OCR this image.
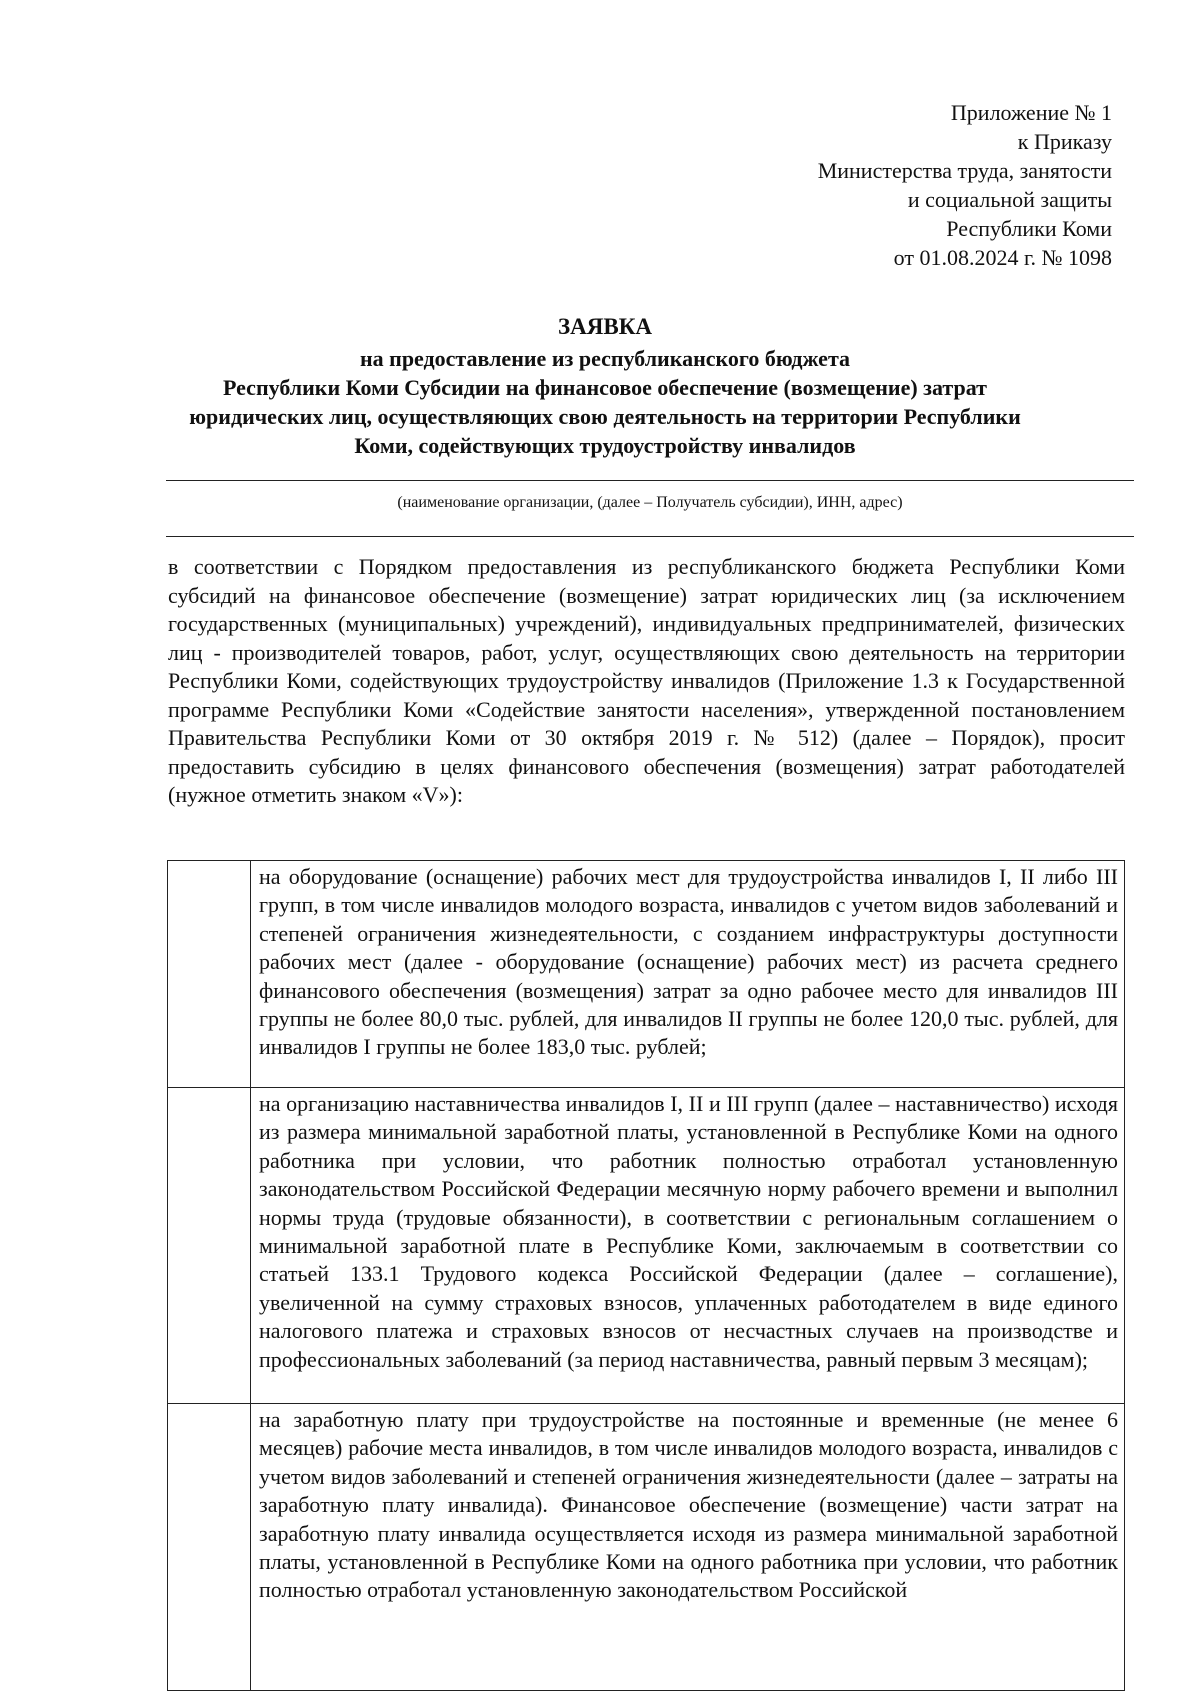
Приложение № 1
к Приказу
Министерства труда, занятости
и социальной защиты
Республики Коми
от 01.08.2024 г. № 1098
ЗАЯВКА
на предоставление из республиканского бюджета
Республики Коми Субсидии на финансовое обеспечение (возмещение) затрат
юридических лиц, осуществляющих свою деятельность на территории Республики
Коми, содействующих трудоустройству инвалидов
(наименование организации, (далее – Получатель субсидии), ИНН, адрес)
в соответствии с Порядком предоставления из республиканского бюджета Республики Коми субсидий на финансовое обеспечение (возмещение) затрат юридических лиц (за исключением государственных (муниципальных) учреждений), индивидуальных предпринимателей, физических лиц - производителей товаров, работ, услуг, осуществляющих свою деятельность на территории Республики Коми, содействующих трудоустройству инвалидов (Приложение 1.3 к Государственной программе Республики Коми «Содействие занятости населения», утвержденной постановлением Правительства Республики Коми от 30 октября 2019 г. № 512) (далее – Порядок), просит предоставить субсидию в целях финансового обеспечения (возмещения) затрат работодателей (нужное отметить знаком «V»):
	на оборудование (оснащение) рабочих мест для трудоустройства инвалидов I, II либо III групп, в том числе инвалидов молодого возраста, инвалидов с учетом видов заболеваний и степеней ограничения жизнедеятельности, с созданием инфраструктуры доступности рабочих мест (далее - оборудование (оснащение) рабочих мест) из расчета среднего финансового обеспечения (возмещения) затрат за одно рабочее место для инвалидов III группы не более 80,0 тыс. рублей, для инвалидов II группы не более 120,0 тыс. рублей, для инвалидов I группы не более 183,0 тыс. рублей;
	на организацию наставничества инвалидов I, II и III групп (далее – наставничество) исходя из размера минимальной заработной платы, установленной в Республике Коми на одного работника при условии, что работник полностью отработал установленную законодательством Российской Федерации месячную норму рабочего времени и выполнил нормы труда (трудовые обязанности), в соответствии с региональным соглашением о минимальной заработной плате в Республике Коми, заключаемым в соответствии со статьей 133.1 Трудового кодекса Российской Федерации (далее – соглашение), увеличенной на сумму страховых взносов, уплаченных работодателем в виде единого налогового платежа и страховых взносов от несчастных случаев на производстве и профессиональных заболеваний (за период наставничества, равный первым 3 месяцам);
	на заработную плату при трудоустройстве на постоянные и временные (не менее 6 месяцев) рабочие места инвалидов, в том числе инвалидов молодого возраста, инвалидов с учетом видов заболеваний и степеней ограничения жизнедеятельности (далее – затраты на заработную плату инвалида). Финансовое обеспечение (возмещение) части затрат на заработную плату инвалида осуществляется исходя из размера минимальной заработной платы, установленной в Республике Коми на одного работника при условии, что работник полностью отработал установленную законодательством Российской
